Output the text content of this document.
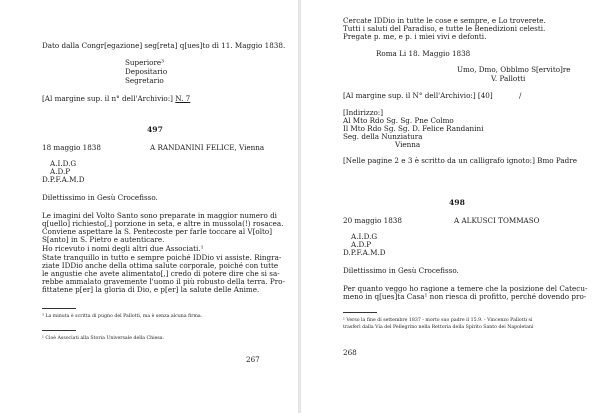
Dato dalla Congr[egazione] seg[reta] q[ues]to dì 11. Maggio 1838.
Superiore³
Depositario
Segretario
[Al margine sup. il n° dell'Archivio:] N. 7
497
18 maggio 1838	A RANDANINI FELICE, Vienna
A.I.D.G
A.D.P
D.P.F.A.M.D
Dilettissimo in Gesù Crocefisso.
Le imagini del Volto Santo sono preparate in maggior numero di
q[uello] richiesto[,] porzione in seta, e altre in mussola(!) rosacea.
Conviene aspettare la S. Pentecoste per farle toccare al V[olto]
S[anto] in S. Pietro e autenticare.
Ho ricevuto i nomi degli altri due Associati.¹
State tranquillo in tutto e sempre poiché IDDio vi assiste. Ringra-
ziate IDDio anche della ottima salute corporale, poiché con tutte
le angustie che avete alimentato[,] credo di potere dire che si sa-
rebbe ammalato gravemente l'uomo il più robusto della terra. Pro-
fittatene p[er] la gloria di Dio, e p[er] la salute delle Anime.
³ La minuta è scritta di pugno del Pallotti, ma è senza alcuna firma.
¹ Cioè Associati alla Storia Universale della Chiesa.
267
Cercate IDDio in tutte le cose e sempre, e Lo troverete.
Tutti i saluti del Paradiso, e tutte le Benedizioni celesti.
Pregate p. me, e p. i miei vivi e defonti.
Roma Li 18. Maggio 1838
Umo, Dmo, Obblmo S[ervito]re
V. Pallotti
[Al margine sup. il N° dell'Archivio:] [40]	/
[Indirizzo:]
Al Mto Rdo Sg. Sg. Pne Colmo
Il Mto Rdo Sg. Sg. D. Felice Randanini
Seg. della Nunziatura
Vienna
[Nelle pagine 2 e 3 è scritto da un calligrafo ignoto:] Bmo Padre
498
20 maggio 1838	A ALKUSCI TOMMASO
A.I.D.G
A.D.P
D.P.F.A.M.D
Dilettissimo in Gesù Crocefisso.
Per quanto veggo ho ragione a temere che la posizione del Catecu-
meno in q[ues]ta Casa¹ non riesca di profitto, perché dovendo pro-
¹ Verso la fine di settembre 1837 - morto suo padre il 15.9. - Vincenzo Pallotti si
trasferì dalla Via del Pellegrino nella Rettoria della Spirito Santo dei Napoletani
268
